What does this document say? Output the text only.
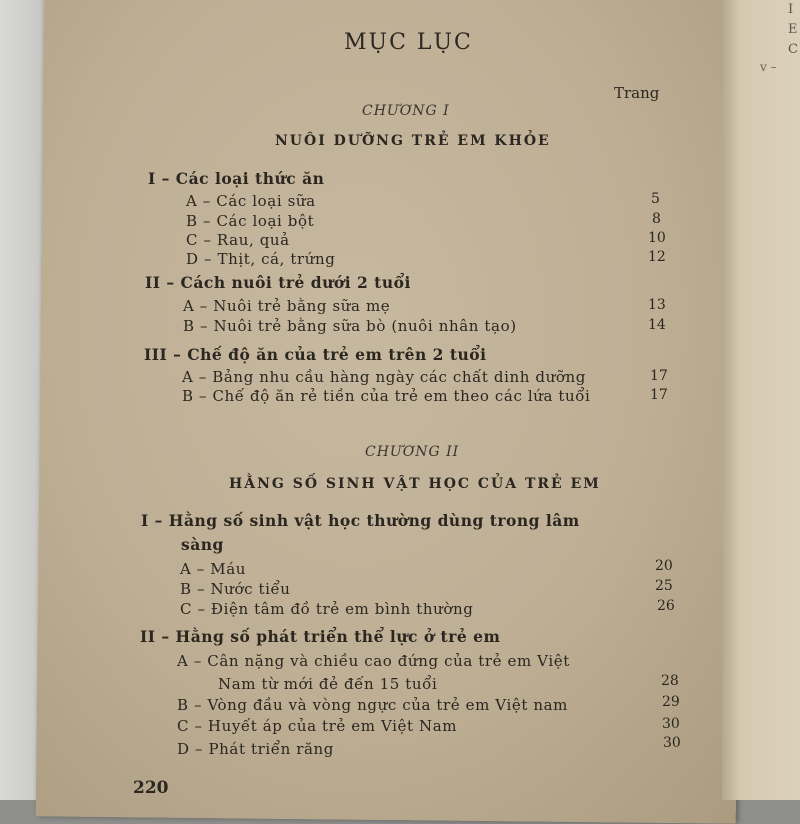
I
E
C
v –
MỤC LỤC
Trang
CHƯƠNG I
NUÔI DƯỠNG TRẺ EM KHỎE
I – Các loại thức ăn
A – Các loại sữa	5
B – Các loại bột	8
C – Rau, quả	10
D – Thịt, cá, trứng	12
II – Cách nuôi trẻ dưới 2 tuổi
A – Nuôi trẻ bằng sữa mẹ	13
B – Nuôi trẻ bằng sữa bò (nuôi nhân tạo)	14
III – Chế độ ăn của trẻ em trên 2 tuổi
A – Bảng nhu cầu hàng ngày các chất dinh dưỡng	17
B – Chế độ ăn rẻ tiền của trẻ em theo các lứa tuổi	17
CHƯƠNG II
HẰNG SỐ SINH VẬT HỌC CỦA TRẺ EM
I – Hằng số sinh vật học thường dùng trong lâm
sàng
A – Máu	20
B – Nước tiểu	25
C – Điện tâm đồ trẻ em bình thường	26
II – Hằng số phát triển thể lực ở trẻ em
A – Cân nặng và chiều cao đứng của trẻ em Việt
Nam từ mới đẻ đến 15 tuổi	28
B – Vòng đầu và vòng ngực của trẻ em Việt nam	29
C – Huyết áp của trẻ em Việt Nam	30
D – Phát triển răng	30
220
